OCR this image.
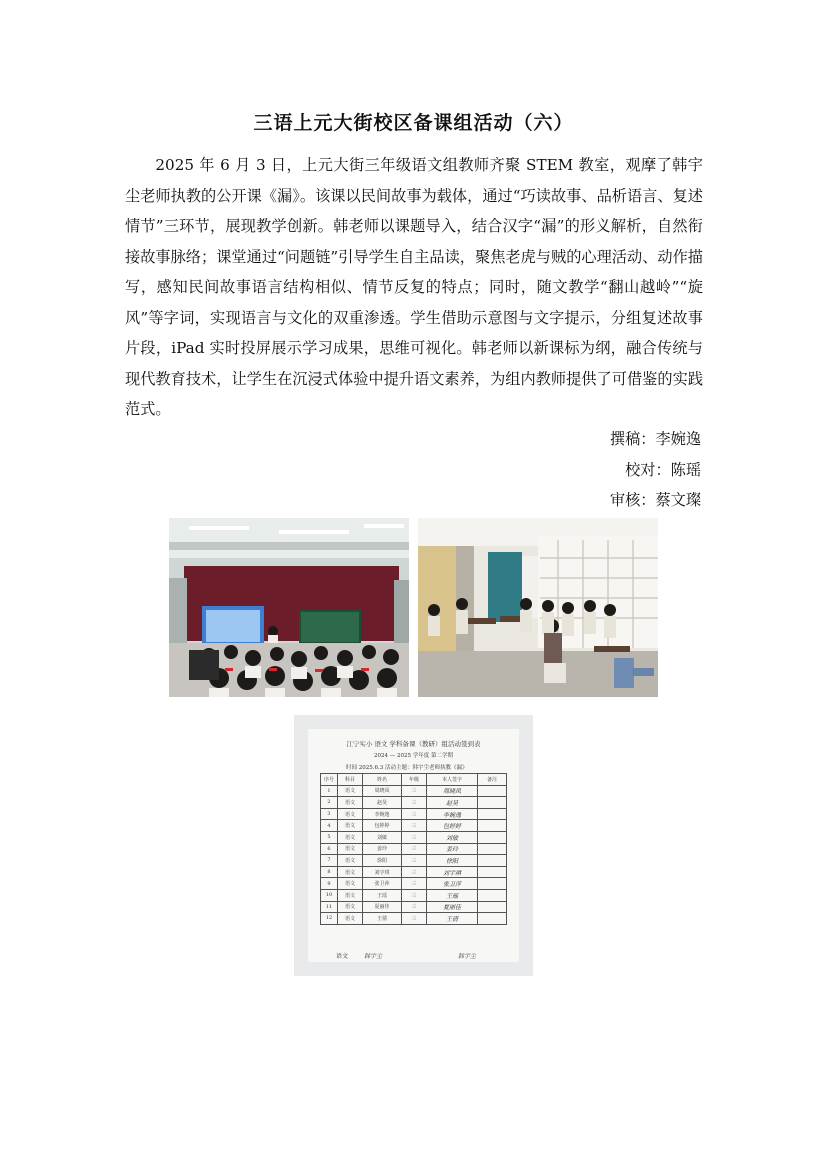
三语上元大街校区备课组活动（六）

2025 年 6 月 3 日，上元大街三年级语文组教师齐聚 STEM 教室，观摩了韩宇尘老师执教的公开课《漏》。该课以民间故事为载体，通过“巧读故事、品析语言、复述情节”三环节，展现教学创新。韩老师以课题导入，结合汉字“漏”的形义解析，自然衔接故事脉络；课堂通过“问题链”引导学生自主品读，聚焦老虎与贼的心理活动、动作描写，感知民间故事语言结构相似、情节反复的特点；同时，随文教学“翻山越岭”“旋风”等字词，实现语言与文化的双重渗透。学生借助示意图与文字提示，分组复述故事片段，iPad 实时投屏展示学习成果，思维可视化。韩老师以新课标为纲，融合传统与现代教育技术，让学生在沉浸式体验中提升语文素养，为组内教师提供了可借鉴的实践范式。

撰稿：李婉逸
校对：陈瑶
审核：蔡文璨
江宁实小 语文 学科备课（教研）组活动签到表
2024 — 2025 学年度 第二学期
时间 2025.6.3 活动主题：韩宇尘老师执教《漏》
序号	科目	姓名	年级	本人签字	备注
1	语文	周晓凤	三	周晓凤	
2	语文	赵昊	三	赵昊	
3	语文	李婉逸	三	李婉逸	
4	语文	包婷婷	三	包婷婷	
5	语文	刘敏	三	刘敏	
6	语文	姜玲	三	姜玲	
7	语文	徐阳	三	徐阳	
8	语文	刘宇琪	三	刘宇琪	
9	语文	张卫萍	三	张卫萍	
10	语文	王瑶	三	王瑶	
11	语文	夏丽佳	三	夏丽佳	
12	语文	王倩	三	王倩	
语文	韩宇尘	韩宇尘
